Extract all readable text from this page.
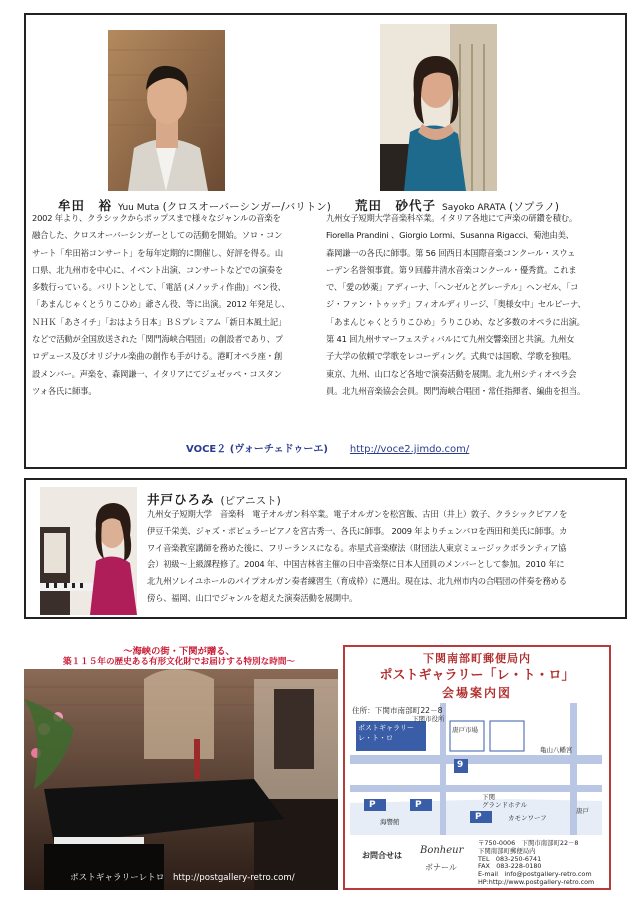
牟田　裕 Yuu Muta (クロスオーバーシンガー/バリトン)
2002 年より、クラシックからポップスまで様々なジャンルの音楽を
融合した、クロスオーバーシンガーとしての活動を開始。ソロ・コン
サート「牟田裕コンサート」を毎年定期的に開催し、好評を得る。山
口県、北九州市を中心に、イベント出演、コンサートなどでの演奏を
多数行っている。バリトンとして、「電話 (メノッティ作曲)」ベン役、
「あまんじゃくとうりこひめ」爺さん役、等に出演。2012 年発足し、
ＮＨＫ「あさイチ」「おはよう日本」ＢＳプレミアム「新日本風土記」
などで活動が全国放送された「関門海峡合唱団」の創設者であり、プ
ロデュース及びオリジナル楽曲の創作も手がける。港町オペラ座・創
設メンバー。声楽を、森岡謙一、イタリアにてジュゼッペ・コスタン
ツォ各氏に師事。
荒田　砂代子 Sayoko ARATA (ソプラノ)
九州女子短期大学音楽科卒業。イタリア各地にて声楽の研鑽を積む。
Fiorella Prandini 、Giorgio Lormi、Susanna Rigacci、菊池由美、
森岡謙一の各氏に師事。第 56 回西日本国際音楽コンクール・スウェ
ーデン名誉領事賞。第９回藤井清水音楽コンクール・優秀賞。これま
で、「愛の妙薬」アディーナ、「ヘンゼルとグレーテル」ヘンゼル、「コ
ジ・ファン・トゥッテ」フィオルディリージ、「奥様女中」セルピーナ、
「あまんじゃくとうりこひめ」うりこひめ、など多数のオペラに出演。
第 41 回九州サマーフェスティバルにて九州交響楽団と共演。九州女
子大学の依頼で学歌をレコーディング。式典では国歌、学歌を独唱。
東京、九州、山口など各地で演奏活動を展開。北九州シティオペラ会
員。北九州音楽協会会員。関門海峡合唱団・常任指揮者、編曲を担当。
VOCE２ (ヴォーチェドゥーエ) http://voce2.jimdo.com/
井戸ひろみ (ピアニスト)
九州女子短期大学　音楽科　電子オルガン科卒業。電子オルガンを松宮飯、古田（井上）敦子、クラシックピアノを
伊豆千栄美、ジャズ・ポピュラーピアノを宮古秀一、各氏に師事。 2009 年よりチェンバロを西田和美氏に師事。カ
ワイ音楽教室講師を務めた後に、フリーランスになる。赤星式音楽療法（財団法人東京ミュージックボランティア協
会）初級～上級課程修了。2004 年、中国吉林省主催の日中音楽祭に日本人団員のメンバーとして参加。2010 年に
北九州ソレイユホールのパイプオルガン奏者練習生（育成枠）に選出。現在は、北九州市内の合唱団の伴奏を務める
傍ら、福岡、山口でジャンルを超えた演奏活動を展開中。
～海峡の街・下関が贈る、
築１１５年の歴史ある有形文化財でお届けする特別な時間～
ポストギャラリーレトロ　http://postgallery-retro.com/
下関南部町郵便局内
ポストギャラリー「レ・ト・ロ」
会場案内図
住所：下関市南部町22－8
ポストギャラリー
レ・ト・ロ
下関市役所
唐戸市場
亀山八幡宮
下関
グランドホテル
カモンワーフ
唐戸
海響館
9
P	P
P
お問合せは Bonheur
ボナール
〒750-0006　下関市南部町22－8
下関南部町郵便局内
TEL　083-250-6741
FAX　083-228-0180
E-mail　info@postgallery-retro.com
HP:http://www.postgallery-retro.com
